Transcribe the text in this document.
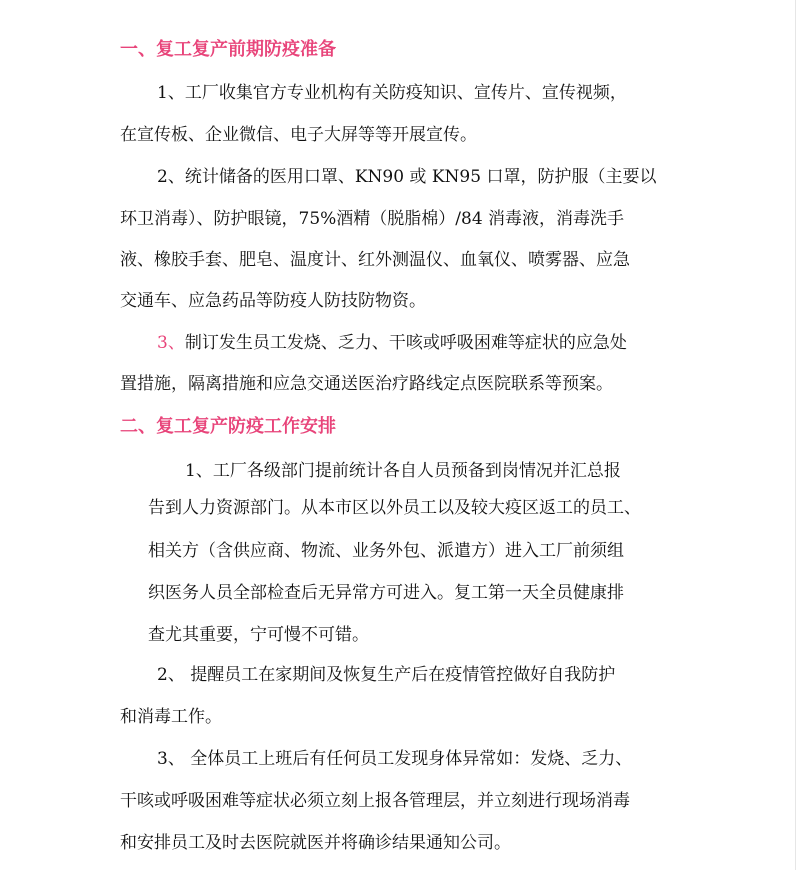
一、复工复产前期防疫准备
1、工厂收集官方专业机构有关防疫知识、宣传片、宣传视频，
在宣传板、企业微信、电子大屏等等开展宣传。
2、统计储备的医用口罩、KN90 或 KN95 口罩，防护服（主要以
环卫消毒）、防护眼镜，75%酒精（脱脂棉）/84 消毒液，消毒洗手
液、橡胶手套、肥皂、温度计、红外测温仪、血氧仪、喷雾器、应急
交通车、应急药品等防疫人防技防物资。
3、制订发生员工发烧、乏力、干咳或呼吸困难等症状的应急处
置措施，隔离措施和应急交通送医治疗路线定点医院联系等预案。
二、复工复产防疫工作安排
1、工厂各级部门提前统计各自人员预备到岗情况并汇总报
告到人力资源部门。从本市区以外员工以及较大疫区返工的员工、
相关方（含供应商、物流、业务外包、派遣方）进入工厂前须组
织医务人员全部检查后无异常方可进入。复工第一天全员健康排
查尤其重要，宁可慢不可错。
2、 提醒员工在家期间及恢复生产后在疫情管控做好自我防护
和消毒工作。
3、 全体员工上班后有任何员工发现身体异常如：发烧、乏力、
干咳或呼吸困难等症状必须立刻上报各管理层，并立刻进行现场消毒
和安排员工及时去医院就医并将确诊结果通知公司。
